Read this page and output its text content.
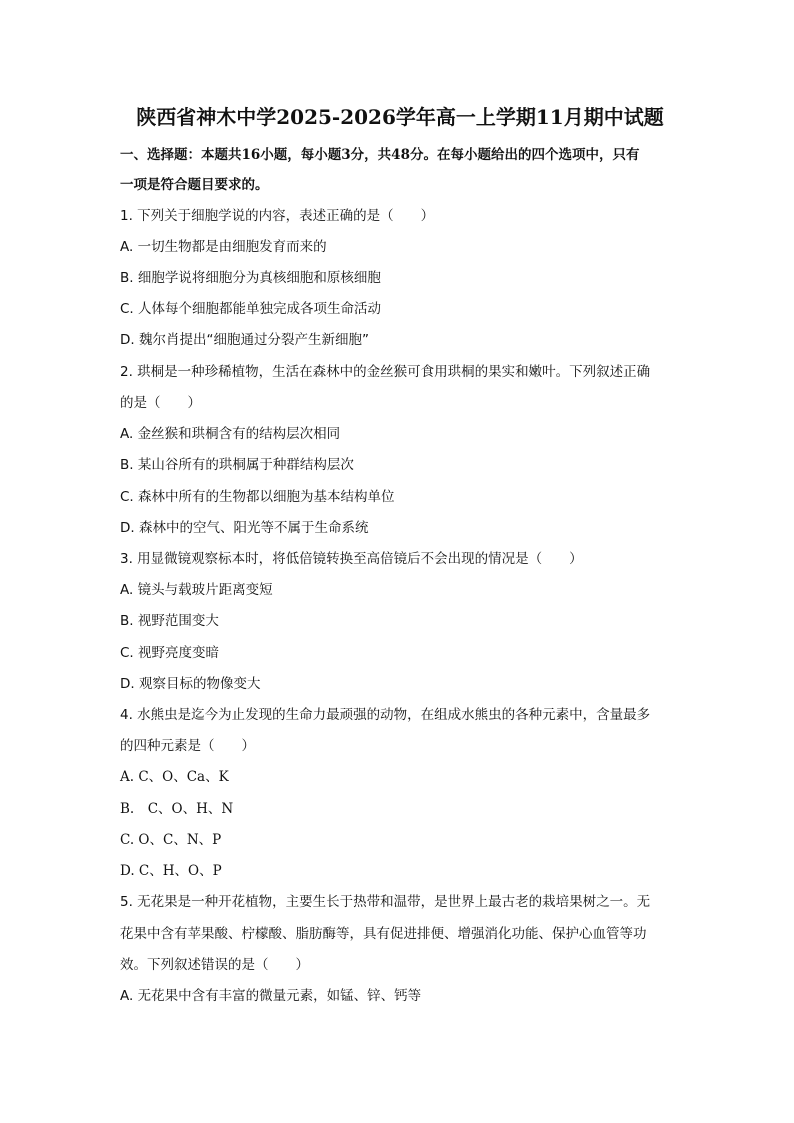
陕西省神木中学2025-2026学年高一上学期11月期中试题
一、选择题：本题共16小题，每小题3分，共48分。在每小题给出的四个选项中，只有
一项是符合题目要求的。
1. 下列关于细胞学说的内容，表述正确的是（　　）
A. 一切生物都是由细胞发育而来的
B. 细胞学说将细胞分为真核细胞和原核细胞
C. 人体每个细胞都能单独完成各项生命活动
D. 魏尔肖提出“细胞通过分裂产生新细胞”
2. 珙桐是一种珍稀植物，生活在森林中的金丝猴可食用珙桐的果实和嫩叶。下列叙述正确
的是（　　）
A. 金丝猴和珙桐含有的结构层次相同
B. 某山谷所有的珙桐属于种群结构层次
C. 森林中所有的生物都以细胞为基本结构单位
D. 森林中的空气、阳光等不属于生命系统
3. 用显微镜观察标本时，将低倍镜转换至高倍镜后不会出现的情况是（　　）
A. 镜头与载玻片距离变短
B. 视野范围变大
C. 视野亮度变暗
D. 观察目标的物像变大
4. 水熊虫是迄今为止发现的生命力最顽强的动物，在组成水熊虫的各种元素中，含量最多
的四种元素是（　　）
A. C、O、Ca、K
B.　C、O、H、N
C. O、C、N、P
D. C、H、O、P
5. 无花果是一种开花植物，主要生长于热带和温带，是世界上最古老的栽培果树之一。无
花果中含有苹果酸、柠檬酸、脂肪酶等，具有促进排便、增强消化功能、保护心血管等功
效。下列叙述错误的是（　　）
A. 无花果中含有丰富的微量元素，如锰、锌、钙等
